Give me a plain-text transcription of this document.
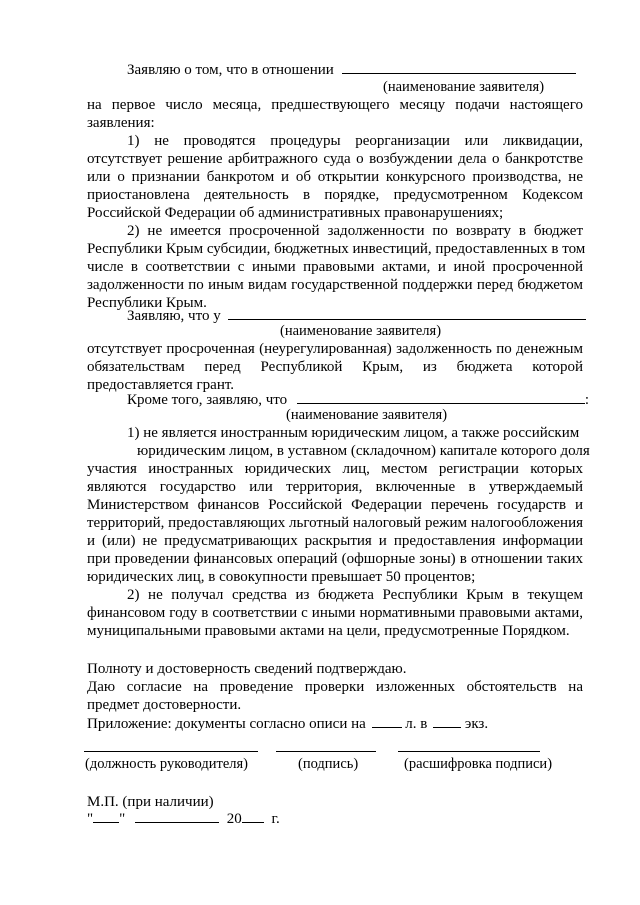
Заявляю о том, что в отношении
(наименование заявителя)
на первое число месяца, предшествующего месяцу подачи настоящего
заявления:
1) не проводятся процедуры реорганизации или ликвидации,
отсутствует решение арбитражного суда о возбуждении дела о банкротстве
или о признании банкротом и об открытии конкурсного производства, не
приостановлена деятельность в порядке, предусмотренном Кодексом
Российской Федерации об административных правонарушениях;
2) не имеется просроченной задолженности по возврату в бюджет
Республики Крым субсидии, бюджетных инвестиций, предоставленных в том
числе в соответствии с иными правовыми актами, и иной просроченной
задолженности по иным видам государственной поддержки перед бюджетом
Республики Крым.
Заявляю, что у
(наименование заявителя)
отсутствует просроченная (неурегулированная) задолженность по денежным
обязательствам перед Республикой Крым, из бюджета которой
предоставляется грант.
Кроме того, заявляю, что	:
(наименование заявителя)
1) не является иностранным юридическим лицом, а также российским
юридическим лицом, в уставном (складочном) капитале которого доля
участия иностранных юридических лиц, местом регистрации которых
являются государство или территория, включенные в утверждаемый
Министерством финансов Российской Федерации перечень государств и
территорий, предоставляющих льготный налоговый режим налогообложения
и (или) не предусматривающих раскрытия и предоставления информации
при проведении финансовых операций (офшорные зоны) в отношении таких
юридических лиц, в совокупности превышает 50 процентов;
2) не получал средства из бюджета Республики Крым в текущем
финансовом году в соответствии с иными нормативными правовыми актами,
муниципальными правовыми актами на цели, предусмотренные Порядком.
Полноту и достоверность сведений подтверждаю.
Даю согласие на проведение проверки изложенных обстоятельств на
предмет достоверности.
Приложение: документы согласно описи на	л. в	экз.
(должность руководителя)	(подпись)	(расшифровка подписи)
М.П. (при наличии)
" "	20 г.
